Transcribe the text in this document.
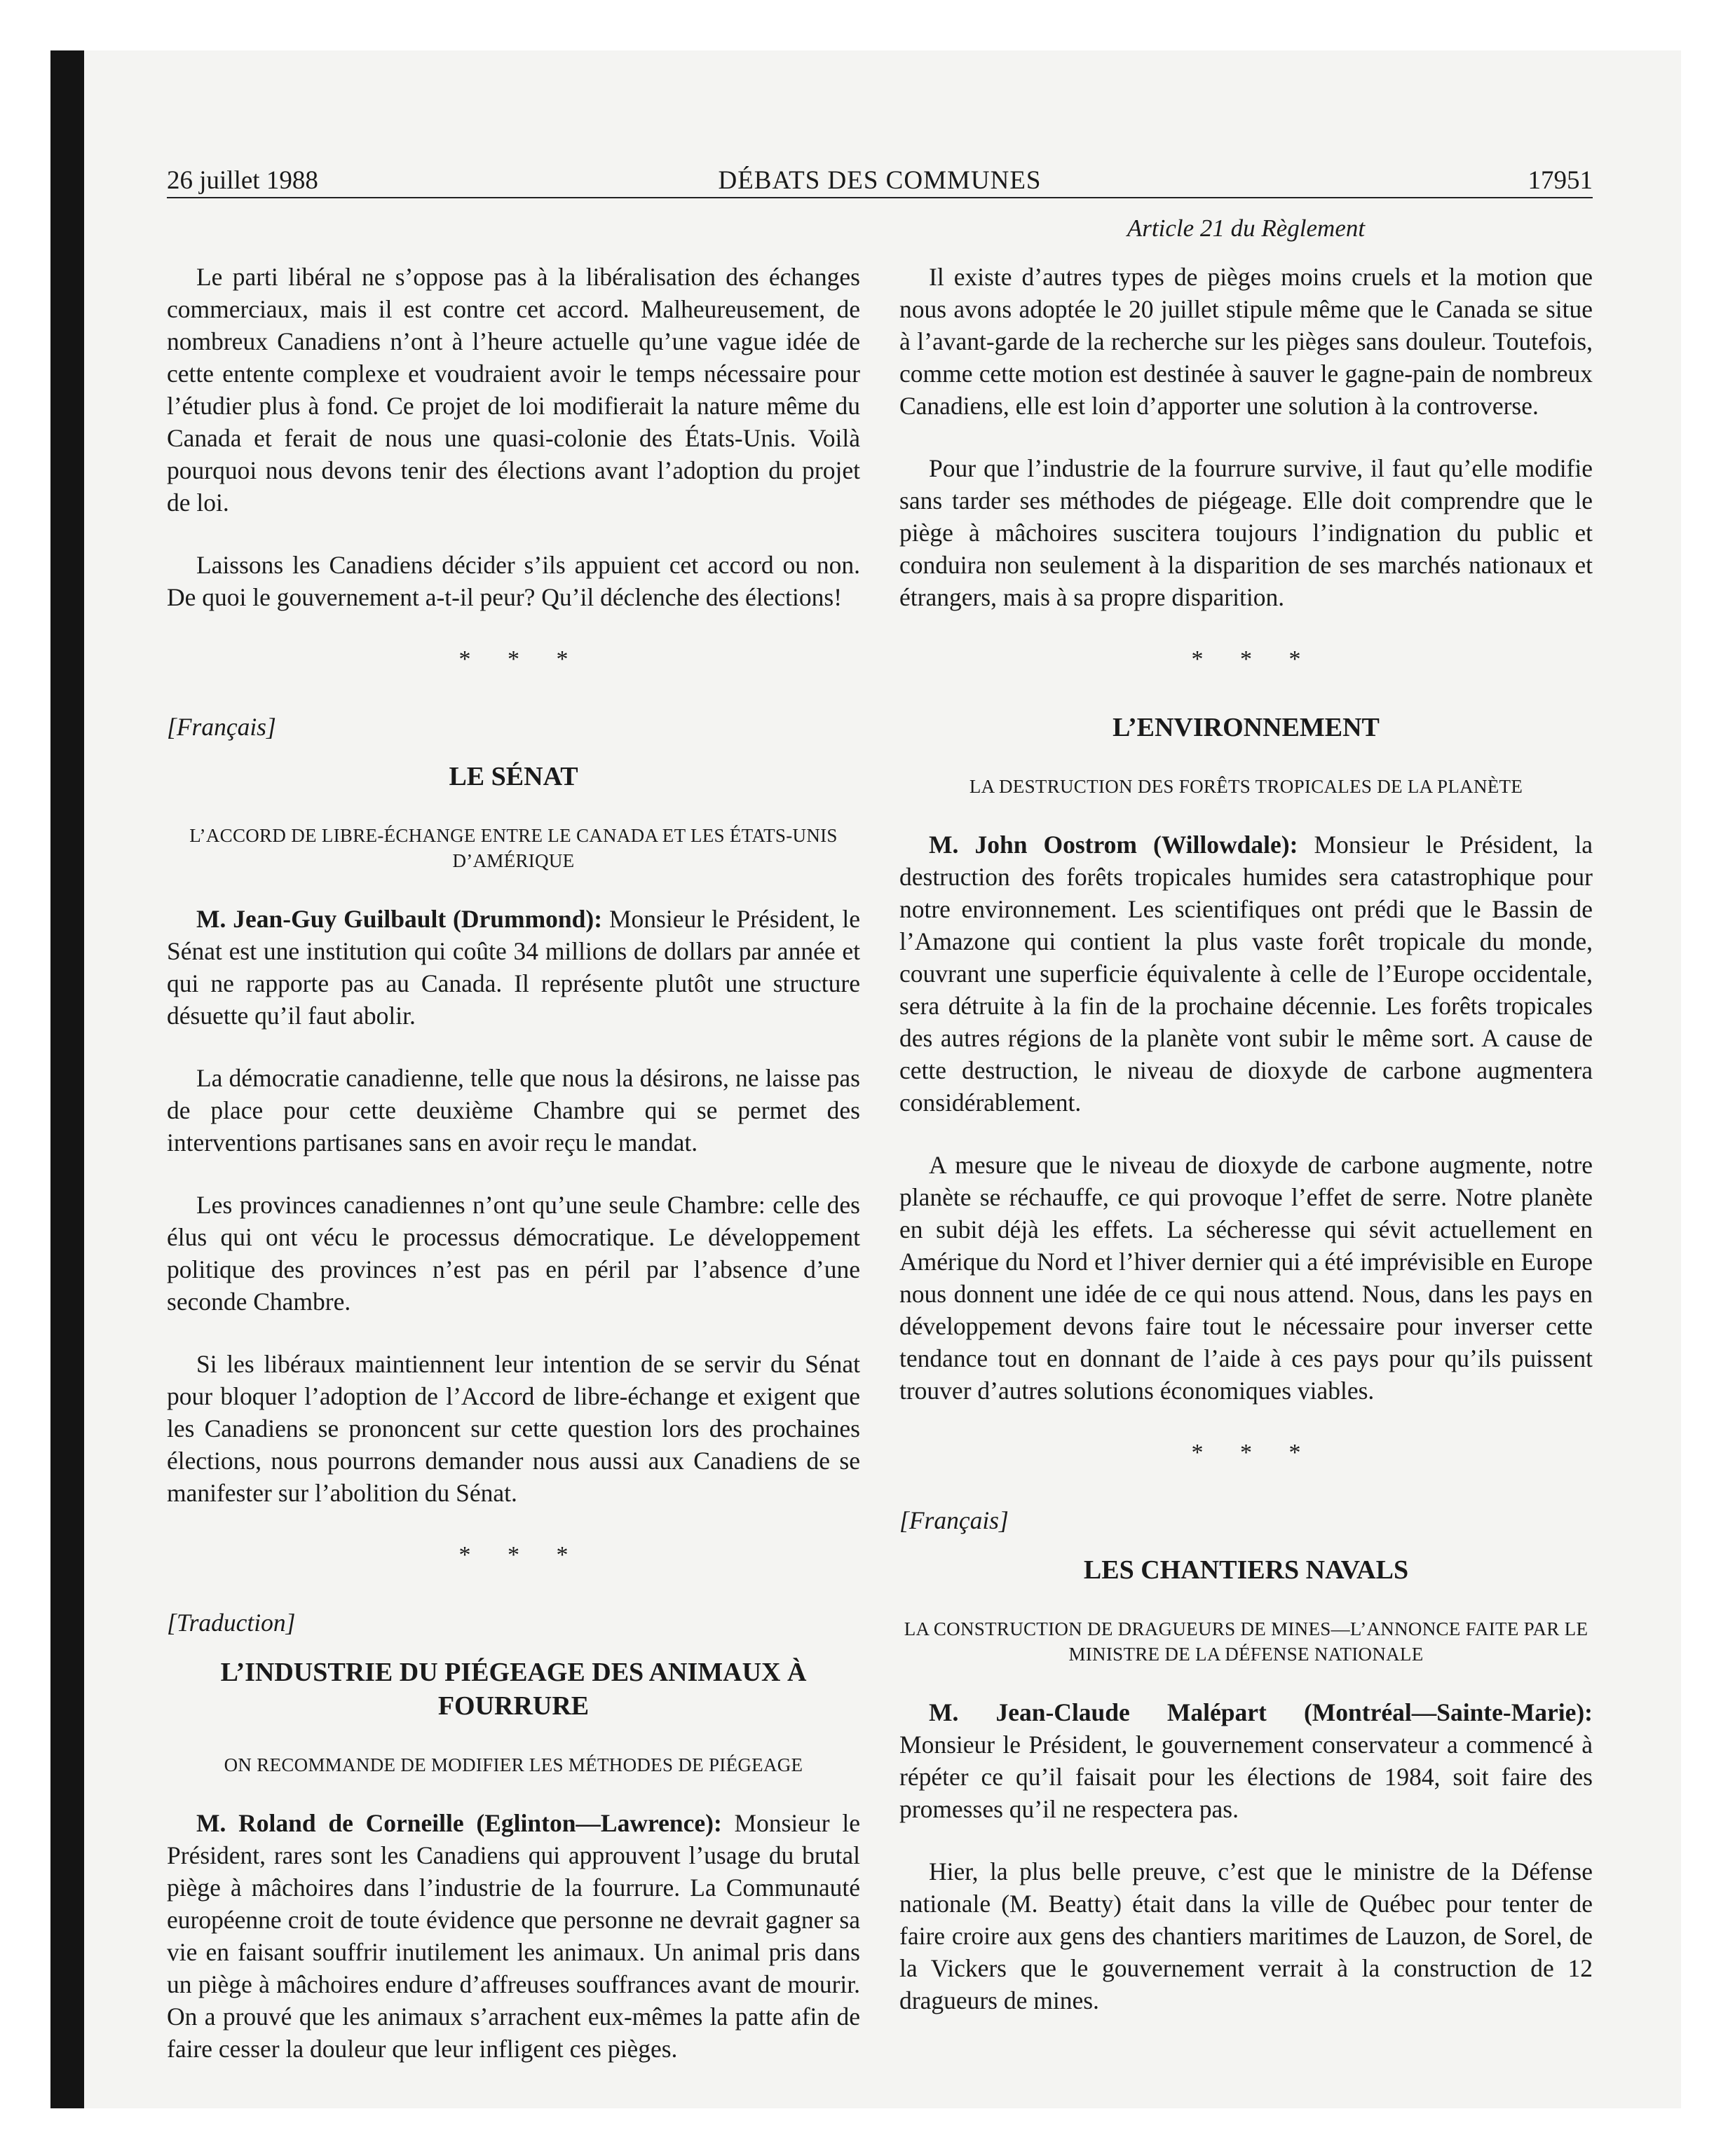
26 juillet 1988	DÉBATS DES COMMUNES	17951
Article 21 du Règlement

Le parti libéral ne s’oppose pas à la libéralisation des échanges commerciaux, mais il est contre cet accord. Malheureusement, de nombreux Canadiens n’ont à l’heure actuelle qu’une vague idée de cette entente complexe et voudraient avoir le temps nécessaire pour l’étudier plus à fond. Ce projet de loi modifierait la nature même du Canada et ferait de nous une quasi-colonie des États-Unis. Voilà pourquoi nous devons tenir des élections avant l’adoption du projet de loi.

Laissons les Canadiens décider s’ils appuient cet accord ou non. De quoi le gouvernement a-t-il peur? Qu’il déclenche des élections!

* * *
[Français]
LE SÉNAT
L’ACCORD DE LIBRE-ÉCHANGE ENTRE LE CANADA ET LES ÉTATS-UNIS D’AMÉRIQUE

M. Jean-Guy Guilbault (Drummond): Monsieur le Président, le Sénat est une institution qui coûte 34 millions de dollars par année et qui ne rapporte pas au Canada. Il représente plutôt une structure désuette qu’il faut abolir.

La démocratie canadienne, telle que nous la désirons, ne laisse pas de place pour cette deuxième Chambre qui se permet des interventions partisanes sans en avoir reçu le mandat.

Les provinces canadiennes n’ont qu’une seule Chambre: celle des élus qui ont vécu le processus démocratique. Le développement politique des provinces n’est pas en péril par l’absence d’une seconde Chambre.

Si les libéraux maintiennent leur intention de se servir du Sénat pour bloquer l’adoption de l’Accord de libre-échange et exigent que les Canadiens se prononcent sur cette question lors des prochaines élections, nous pourrons demander nous aussi aux Canadiens de se manifester sur l’abolition du Sénat.

* * *
[Traduction]
L’INDUSTRIE DU PIÉGEAGE DES ANIMAUX À FOURRURE
ON RECOMMANDE DE MODIFIER LES MÉTHODES DE PIÉGEAGE

M. Roland de Corneille (Eglinton—Lawrence): Monsieur le Président, rares sont les Canadiens qui approuvent l’usage du brutal piège à mâchoires dans l’industrie de la fourrure. La Communauté européenne croit de toute évidence que personne ne devrait gagner sa vie en faisant souffrir inutilement les animaux. Un animal pris dans un piège à mâchoires endure d’affreuses souffrances avant de mourir. On a prouvé que les animaux s’arrachent eux-mêmes la patte afin de faire cesser la douleur que leur infligent ces pièges.

Il existe d’autres types de pièges moins cruels et la motion que nous avons adoptée le 20 juillet stipule même que le Canada se situe à l’avant-garde de la recherche sur les pièges sans douleur. Toutefois, comme cette motion est destinée à sauver le gagne-pain de nombreux Canadiens, elle est loin d’apporter une solution à la controverse.

Pour que l’industrie de la fourrure survive, il faut qu’elle modifie sans tarder ses méthodes de piégeage. Elle doit comprendre que le piège à mâchoires suscitera toujours l’indignation du public et conduira non seulement à la disparition de ses marchés nationaux et étrangers, mais à sa propre disparition.

* * *
L’ENVIRONNEMENT
LA DESTRUCTION DES FORÊTS TROPICALES DE LA PLANÈTE

M. John Oostrom (Willowdale): Monsieur le Président, la destruction des forêts tropicales humides sera catastrophique pour notre environnement. Les scientifiques ont prédi que le Bassin de l’Amazone qui contient la plus vaste forêt tropicale du monde, couvrant une superficie équivalente à celle de l’Europe occidentale, sera détruite à la fin de la prochaine décennie. Les forêts tropicales des autres régions de la planète vont subir le même sort. A cause de cette destruction, le niveau de dioxyde de carbone augmentera considérablement.

A mesure que le niveau de dioxyde de carbone augmente, notre planète se réchauffe, ce qui provoque l’effet de serre. Notre planète en subit déjà les effets. La sécheresse qui sévit actuellement en Amérique du Nord et l’hiver dernier qui a été imprévisible en Europe nous donnent une idée de ce qui nous attend. Nous, dans les pays en développement devons faire tout le nécessaire pour inverser cette tendance tout en donnant de l’aide à ces pays pour qu’ils puissent trouver d’autres solutions économiques viables.

* * *
[Français]
LES CHANTIERS NAVALS
LA CONSTRUCTION DE DRAGUEURS DE MINES—L’ANNONCE FAITE PAR LE MINISTRE DE LA DÉFENSE NATIONALE

M. Jean-Claude Malépart (Montréal—Sainte-Marie): Monsieur le Président, le gouvernement conservateur a commencé à répéter ce qu’il faisait pour les élections de 1984, soit faire des promesses qu’il ne respectera pas.

Hier, la plus belle preuve, c’est que le ministre de la Défense nationale (M. Beatty) était dans la ville de Québec pour tenter de faire croire aux gens des chantiers maritimes de Lauzon, de Sorel, de la Vickers que le gouvernement verrait à la construction de 12 dragueurs de mines.
